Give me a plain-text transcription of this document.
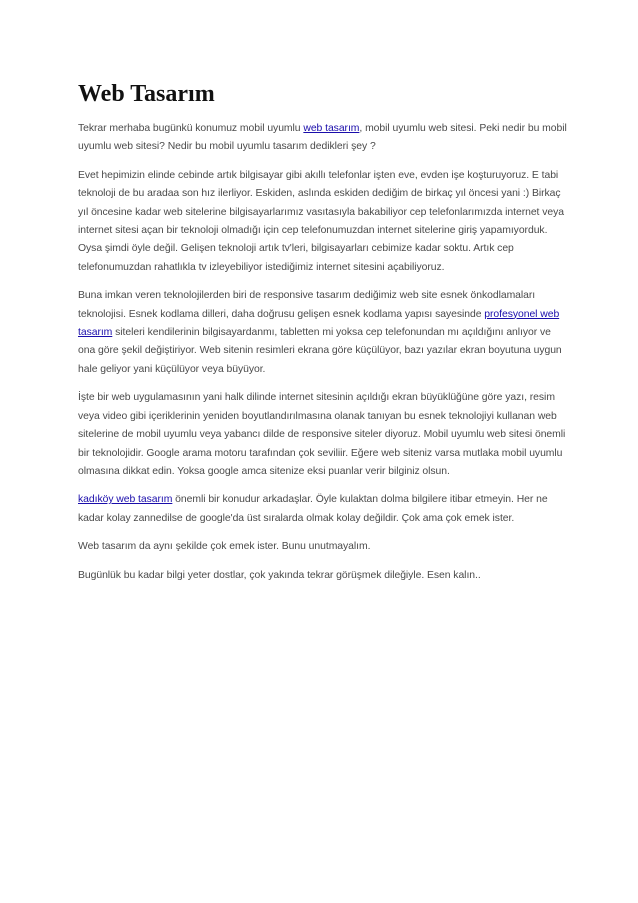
Web Tasarım

Tekrar merhaba bugünkü konumuz mobil uyumlu web tasarım, mobil uyumlu web sitesi. Peki nedir bu mobil uyumlu web sitesi? Nedir bu mobil uyumlu tasarım dedikleri şey ?

Evet hepimizin elinde cebinde artık bilgisayar gibi akıllı telefonlar işten eve, evden işe koşturuyoruz. E tabi teknoloji de bu aradaa son hız ilerliyor. Eskiden, aslında eskiden dediğim de birkaç yıl öncesi yani :) Birkaç yıl öncesine kadar web sitelerine bilgisayarlarımız vasıtasıyla bakabiliyor cep telefonlarımızda internet veya internet sitesi açan bir teknoloji olmadığı için cep telefonumuzdan internet sitelerine giriş yapamıyorduk. Oysa şimdi öyle değil. Gelişen teknoloji artık tv'leri, bilgisayarları cebimize kadar soktu. Artık cep telefonumuzdan rahatlıkla tv izleyebiliyor istediğimiz internet sitesini açabiliyoruz.

Buna imkan veren teknolojilerden biri de responsive tasarım dediğimiz web site esnek önkodlamaları teknolojisi. Esnek kodlama dilleri, daha doğrusu gelişen esnek kodlama yapısı sayesinde profesyonel web tasarım siteleri kendilerinin bilgisayardanmı, tabletten mi yoksa cep telefonundan mı açıldığını anlıyor ve ona göre şekil değiştiriyor. Web sitenin resimleri ekrana göre küçülüyor, bazı yazılar ekran boyutuna uygun hale geliyor yani küçülüyor veya büyüyor.

İşte bir web uygulamasının yani halk dilinde internet sitesinin açıldığı ekran büyüklüğüne göre yazı, resim veya video gibi içeriklerinin yeniden boyutlandırılmasına olanak tanıyan bu esnek teknolojiyi kullanan web sitelerine de mobil uyumlu veya yabancı dilde de responsive siteler diyoruz. Mobil uyumlu web sitesi önemli bir teknolojidir. Google arama motoru tarafından çok seviliir. Eğere web siteniz varsa mutlaka mobil uyumlu olmasına dikkat edin. Yoksa google amca sitenize eksi puanlar verir bilginiz olsun.

kadıköy web tasarım önemli bir konudur arkadaşlar. Öyle kulaktan dolma bilgilere itibar etmeyin. Her ne kadar kolay zannedilse de google'da üst sıralarda olmak kolay değildir. Çok ama çok emek ister.

Web tasarım da aynı şekilde çok emek ister. Bunu unutmayalım.

Bugünlük bu kadar bilgi yeter dostlar, çok yakında tekrar görüşmek dileğiyle. Esen kalın..
